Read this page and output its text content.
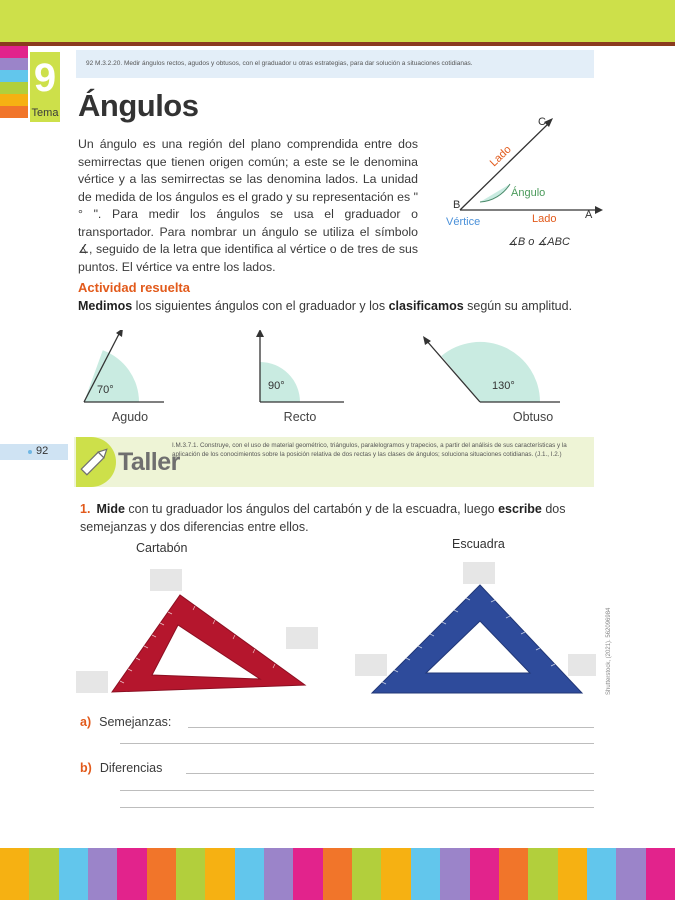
9
Tema
92 M.3.2.20. Medir ángulos rectos, agudos y obtusos, con el graduador u otras estrategias, para dar solución a situaciones cotidianas.
Ángulos

Un ángulo es una región del plano comprendida entre dos semirrectas que tienen origen común; a este se le denomina vértice y a las semirrectas se las denomina lados. La unidad de medida de los ángulos es el grado y su representación es " ° ". Para medir los ángulos se usa el graduador o transportador. Para nombrar un ángulo se utiliza el símbolo ∡, seguido de la letra que identifica al vértice o de tres de sus puntos. El vértice va entre los lados.

C
B
A
Lado
Lado
Ángulo
Vértice
∡B o ∡ABC
Actividad resuelta
Medimos los siguientes ángulos con el graduador y los clasificamos según su amplitud.
70°	90°	130°
Agudo	Recto	Obtuso
92	Taller
I.M.3.7.1. Construye, con el uso de material geométrico, triángulos, paralelogramos y trapecios, a partir del análisis de sus características y la aplicación de los conocimientos sobre la posición relativa de dos rectas y las clases de ángulos; soluciona situaciones cotidianas. (J.1., I.2.)
1. Mide con tu graduador los ángulos del cartabón y de la escuadra, luego escribe dos semejanzas y dos diferencias entre ellos.
Cartabón	Escuadra
Shutterstock, (2021). 562096984
a) Semejanzas:
b) Diferencias
